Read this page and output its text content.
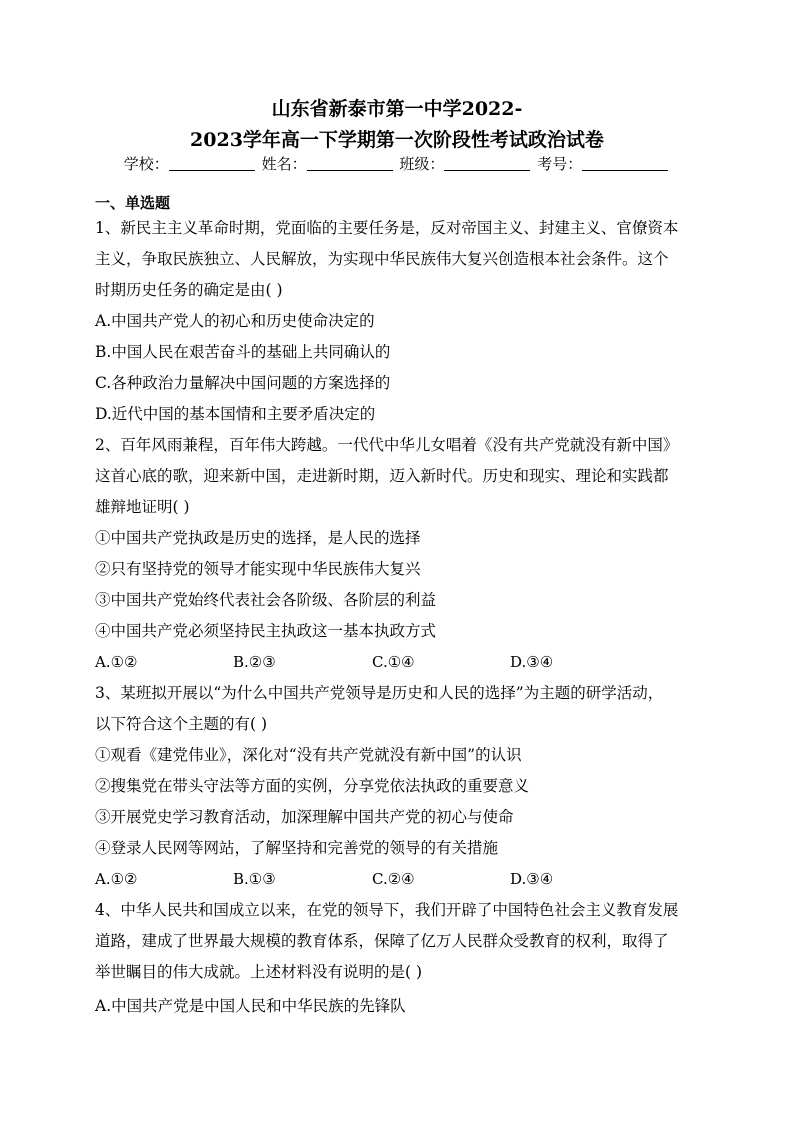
山东省新泰市第一中学2022-
2023学年高一下学期第一次阶段性考试政治试卷
学校：	姓名：	班级：	考号：
一、单选题
1、新民主主义革命时期，党面临的主要任务是，反对帝国主义、封建主义、官僚资本
主义，争取民族独立、人民解放，为实现中华民族伟大复兴创造根本社会条件。这个
时期历史任务的确定是由( )
A.中国共产党人的初心和历史使命决定的
B.中国人民在艰苦奋斗的基础上共同确认的
C.各种政治力量解决中国问题的方案选择的
D.近代中国的基本国情和主要矛盾决定的
2、百年风雨兼程，百年伟大跨越。一代代中华儿女唱着《没有共产党就没有新中国》
这首心底的歌，迎来新中国，走进新时期，迈入新时代。历史和现实、理论和实践都
雄辩地证明( )
①中国共产党执政是历史的选择，是人民的选择
②只有坚持党的领导才能实现中华民族伟大复兴
③中国共产党始终代表社会各阶级、各阶层的利益
④中国共产党必须坚持民主执政这一基本执政方式
A.①②	B.②③	C.①④	D.③④
3、某班拟开展以“为什么中国共产党领导是历史和人民的选择”为主题的研学活动，
以下符合这个主题的有( )
①观看《建党伟业》，深化对“没有共产党就没有新中国”的认识
②搜集党在带头守法等方面的实例，分享党依法执政的重要意义
③开展党史学习教育活动，加深理解中国共产党的初心与使命
④登录人民网等网站，了解坚持和完善党的领导的有关措施
A.①②	B.①③	C.②④	D.③④
4、中华人民共和国成立以来，在党的领导下，我们开辟了中国特色社会主义教育发展
道路，建成了世界最大规模的教育体系，保障了亿万人民群众受教育的权利，取得了
举世瞩目的伟大成就。上述材料没有说明的是( )
A.中国共产党是中国人民和中华民族的先锋队
